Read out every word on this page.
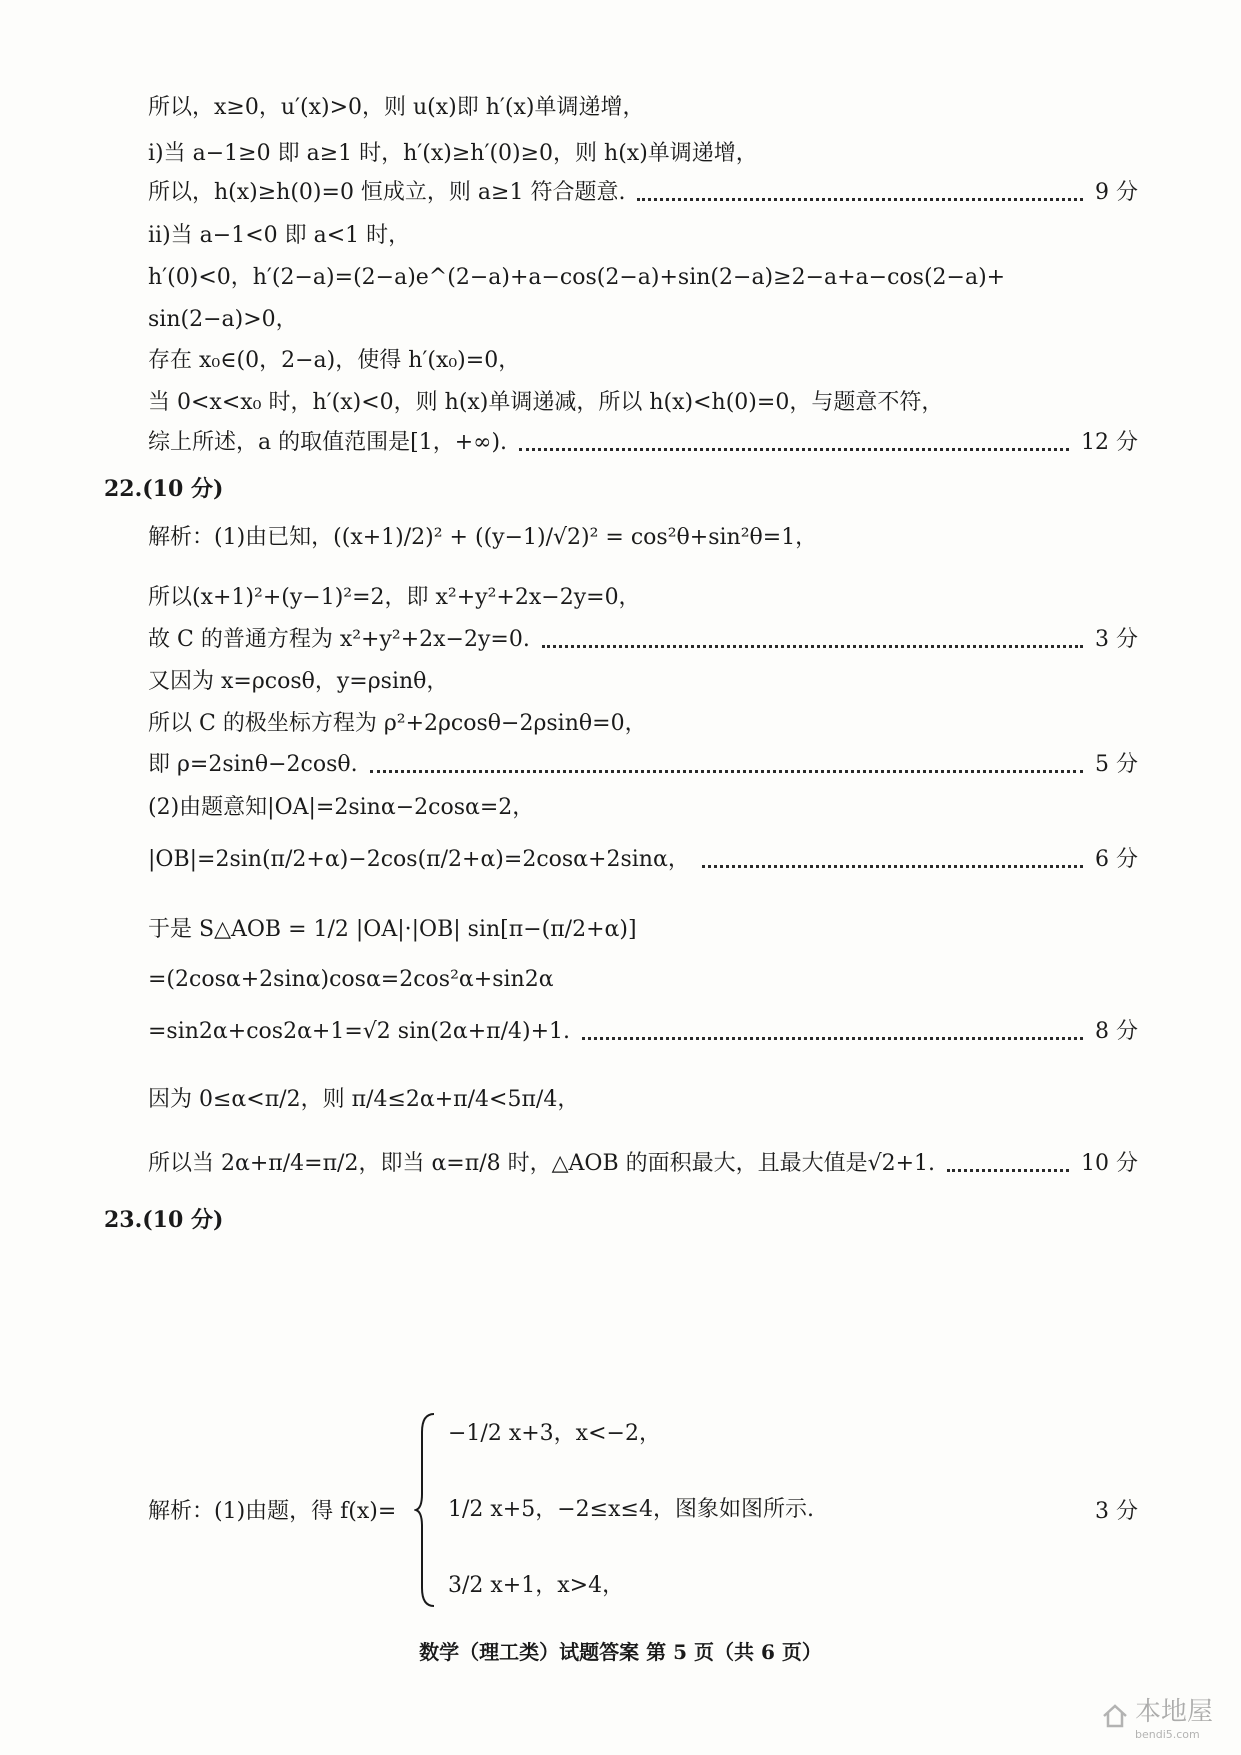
所以，x≥0，u′(x)>0，则 u(x)即 h′(x)单调递增，
ⅰ)当 a−1≥0 即 a≥1 时，h′(x)≥h′(0)≥0，则 h(x)单调递增，
所以，h(x)≥h(0)=0 恒成立，则 a≥1 符合题意.	9 分
ⅱ)当 a−1<0 即 a<1 时，
h′(0)<0，h′(2−a)=(2−a)e^(2−a)+a−cos(2−a)+sin(2−a)≥2−a+a−cos(2−a)+
sin(2−a)>0，
存在 x₀∈(0，2−a)，使得 h′(x₀)=0，
当 0<x<x₀ 时，h′(x)<0，则 h(x)单调递减，所以 h(x)<h(0)=0，与题意不符，
综上所述，a 的取值范围是[1，+∞).	12 分
22.(10 分)
解析：(1)由已知，((x+1)/2)² + ((y−1)/√2)² = cos²θ+sin²θ=1，
所以(x+1)²+(y−1)²=2，即 x²+y²+2x−2y=0，
故 C 的普通方程为 x²+y²+2x−2y=0.	3 分
又因为 x=ρcosθ，y=ρsinθ，
所以 C 的极坐标方程为 ρ²+2ρcosθ−2ρsinθ=0，
即 ρ=2sinθ−2cosθ.	5 分
(2)由题意知|OA|=2sinα−2cosα=2，
|OB|=2sin(π/2+α)−2cos(π/2+α)=2cosα+2sinα，	6 分
于是 S△AOB = 1/2 |OA|·|OB| sin[π−(π/2+α)]
=(2cosα+2sinα)cosα=2cos²α+sin2α
=sin2α+cos2α+1=√2 sin(2α+π/4)+1.	8 分
因为 0≤α<π/2，则 π/4≤2α+π/4<5π/4，
所以当 2α+π/4=π/2，即当 α=π/8 时，△AOB 的面积最大，且最大值是√2+1.	10 分
23.(10 分)
解析：(1)由题，得 f(x)=
−1/2 x+3，x<−2，
1/2 x+5，−2≤x≤4，图象如图所示.
3/2 x+1，x>4，
3 分
数学（理工类）试题答案 第 5 页（共 6 页）
本地屋
bendi5.com
